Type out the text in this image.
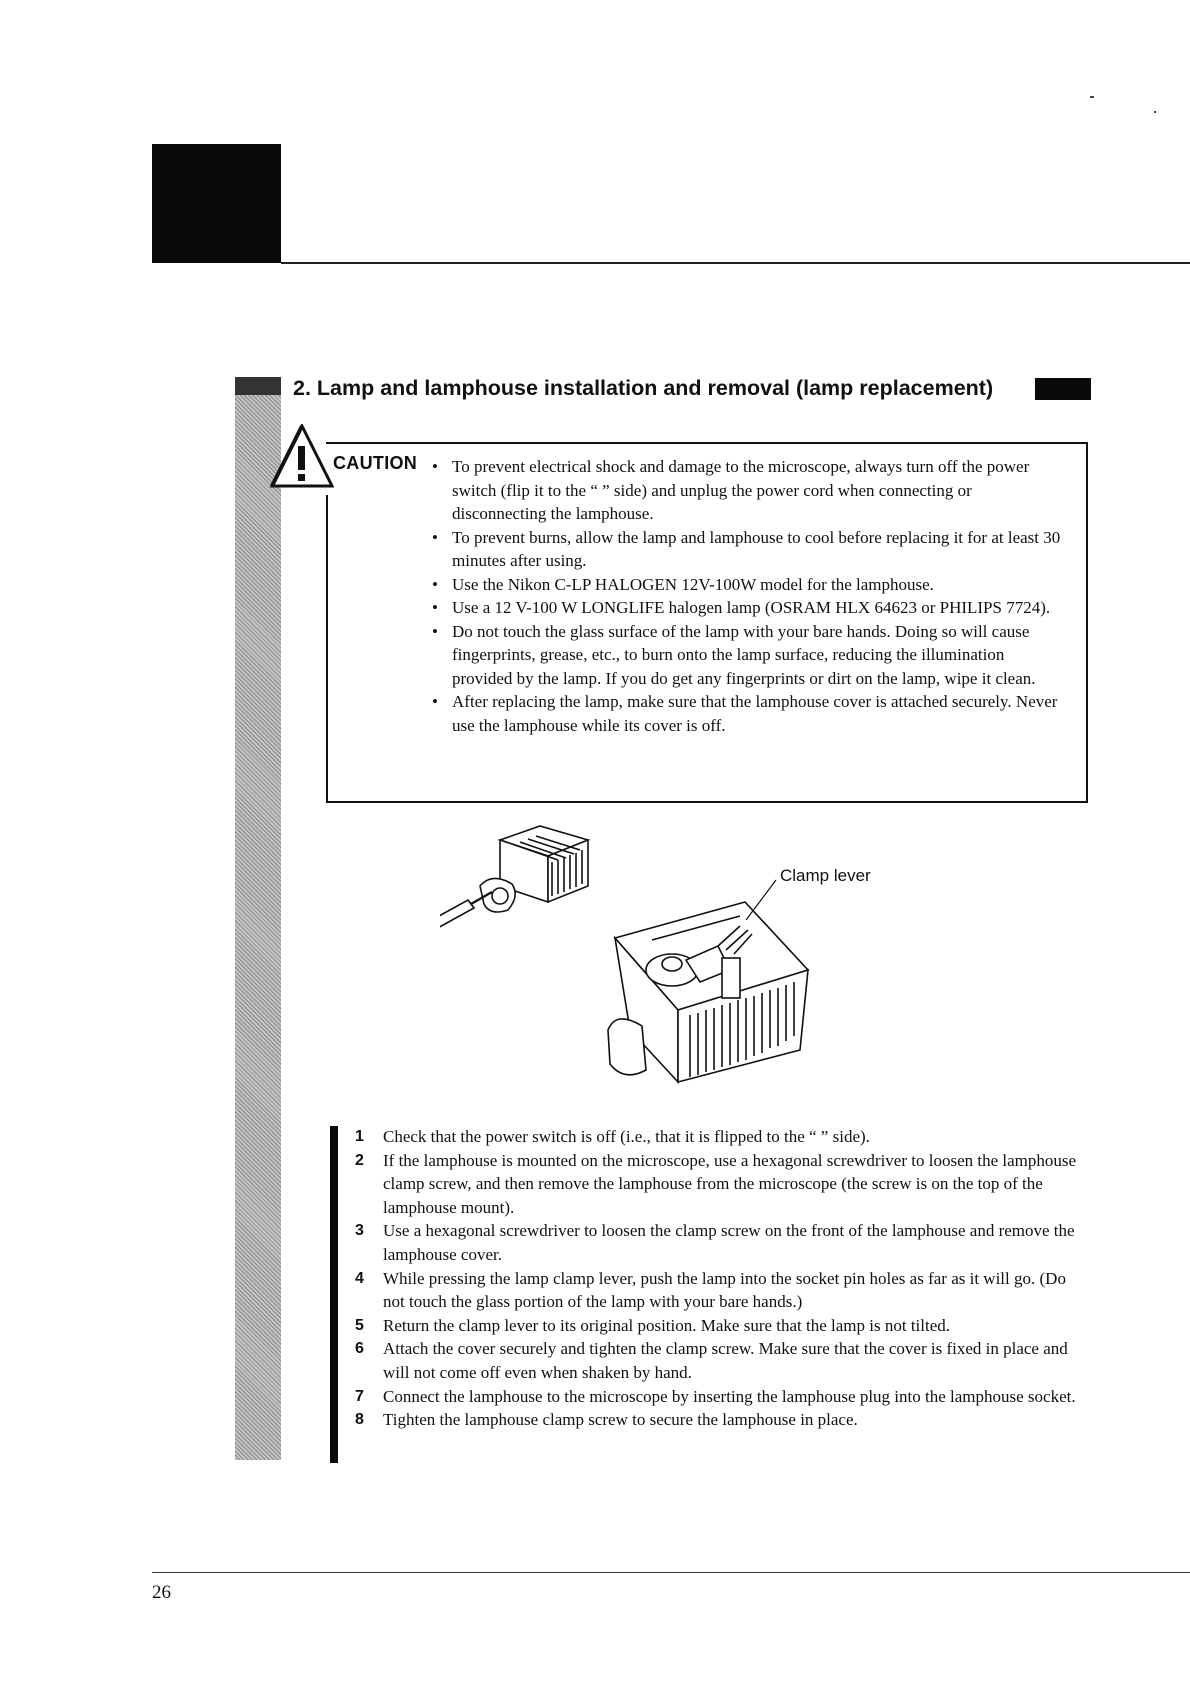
2. Lamp and lamphouse installation and removal (lamp replacement)
CAUTION
•	To prevent electrical shock and damage to the microscope, always turn off the power switch (flip it to the “ ” side) and unplug the power cord when connecting or disconnecting the lamphouse.
• To prevent burns, allow the lamp and lamphouse to cool before replacing it for at least 30 minutes after using.
• Use the Nikon C-LP HALOGEN 12V-100W model for the lamphouse.
• Use a 12 V-100 W LONGLIFE halogen lamp (OSRAM HLX 64623 or PHILIPS 7724).
• Do not touch the glass surface of the lamp with your bare hands. Doing so will cause fingerprints, grease, etc., to burn onto the lamp surface, reducing the illumination provided by the lamp. If you do get any fingerprints or dirt on the lamp, wipe it clean.
• After replacing the lamp, make sure that the lamphouse cover is attached securely. Never use the lamphouse while its cover is off.
Clamp lever
1 Check that the power switch is off (i.e., that it is flipped to the “ ” side).
2 If the lamphouse is mounted on the microscope, use a hexagonal screwdriver to loosen the lamphouse clamp screw, and then remove the lamphouse from the microscope (the screw is on the top of the lamphouse mount).
3 Use a hexagonal screwdriver to loosen the clamp screw on the front of the lamphouse and remove the lamphouse cover.
4 While pressing the lamp clamp lever, push the lamp into the socket pin holes as far as it will go. (Do not touch the glass portion of the lamp with your bare hands.)
5 Return the clamp lever to its original position. Make sure that the lamp is not tilted.
6 Attach the cover securely and tighten the clamp screw. Make sure that the cover is fixed in place and will not come off even when shaken by hand.
7 Connect the lamphouse to the microscope by inserting the lamphouse plug into the lamphouse socket.
8 Tighten the lamphouse clamp screw to secure the lamphouse in place.
26
